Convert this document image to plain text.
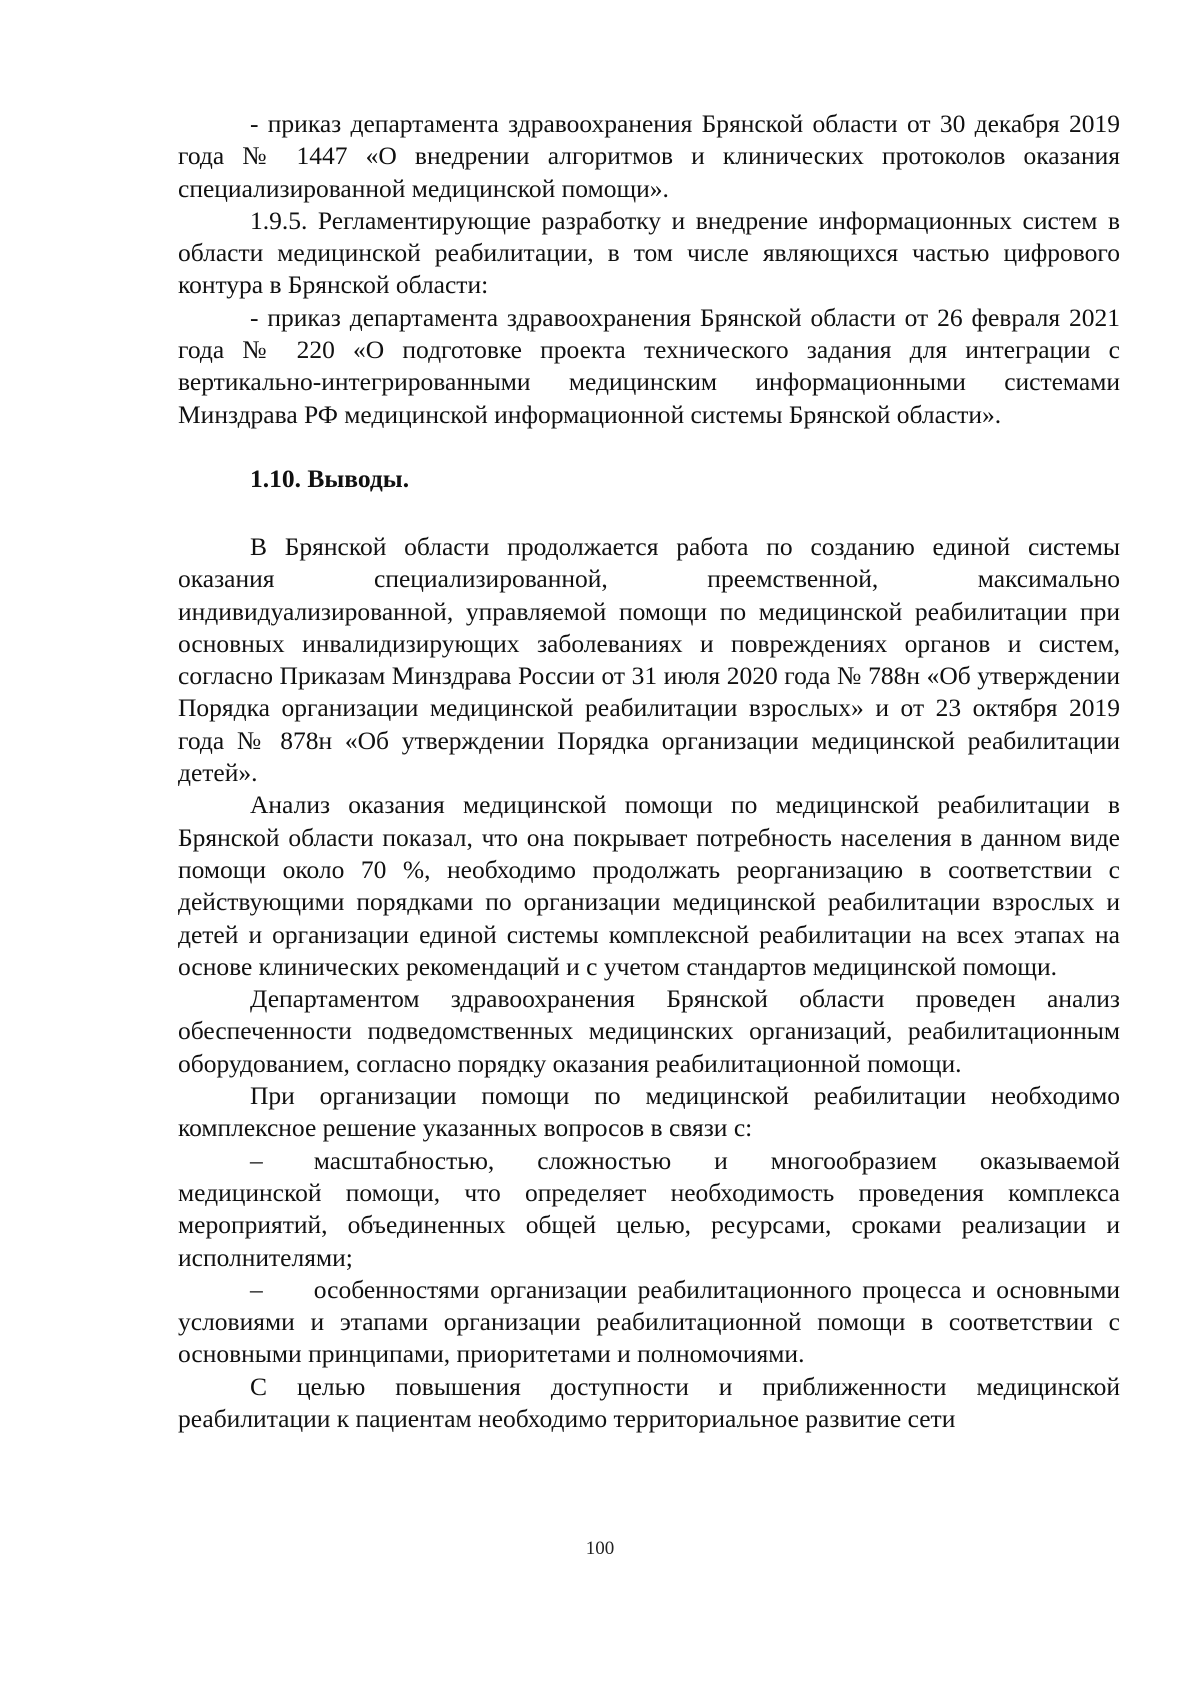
- приказ департамента здравоохранения Брянской области от 30 декабря 2019 года № 1447 «О внедрении алгоритмов и клинических протоколов оказания специализированной медицинской помощи».

1.9.5. Регламентирующие разработку и внедрение информационных систем в области медицинской реабилитации, в том числе являющихся частью цифрового контура в Брянской области:

- приказ департамента здравоохранения Брянской области от 26 февраля 2021 года № 220 «О подготовке проекта технического задания для интеграции с вертикально-интегрированными медицинским информационными системами Минздрава РФ медицинской информационной системы Брянской области».

1.10. Выводы.

В Брянской области продолжается работа по созданию единой системы оказания специализированной, преемственной, максимально индивидуализированной, управляемой помощи по медицинской реабилитации при основных инвалидизирующих заболеваниях и повреждениях органов и систем, согласно Приказам Минздрава России от 31 июля 2020 года № 788н «Об утверждении Порядка организации медицинской реабилитации взрослых» и от 23 октября 2019 года № 878н «Об утверждении Порядка организации медицинской реабилитации детей».

Анализ оказания медицинской помощи по медицинской реабилитации в Брянской области показал, что она покрывает потребность населения в данном виде помощи около 70 %, необходимо продолжать реорганизацию в соответствии с действующими порядками по организации медицинской реабилитации взрослых и детей и организации единой системы комплексной реабилитации на всех этапах на основе клинических рекомендаций и с учетом стандартов медицинской помощи.

Департаментом здравоохранения Брянской области проведен анализ обеспеченности подведомственных медицинских организаций, реабилитационным оборудованием, согласно порядку оказания реабилитационной помощи.

При организации помощи по медицинской реабилитации необходимо комплексное решение указанных вопросов в связи с:

–  масштабностью, сложностью и многообразием оказываемой медицинской помощи, что определяет необходимость проведения комплекса мероприятий, объединенных общей целью, ресурсами, сроками реализации и исполнителями;

–  особенностями организации реабилитационного процесса и основными условиями и этапами организации реабилитационной помощи в соответствии с основными принципами, приоритетами и полномочиями.

С целью повышения доступности и приближенности медицинской реабилитации к пациентам необходимо территориальное развитие сети

100
